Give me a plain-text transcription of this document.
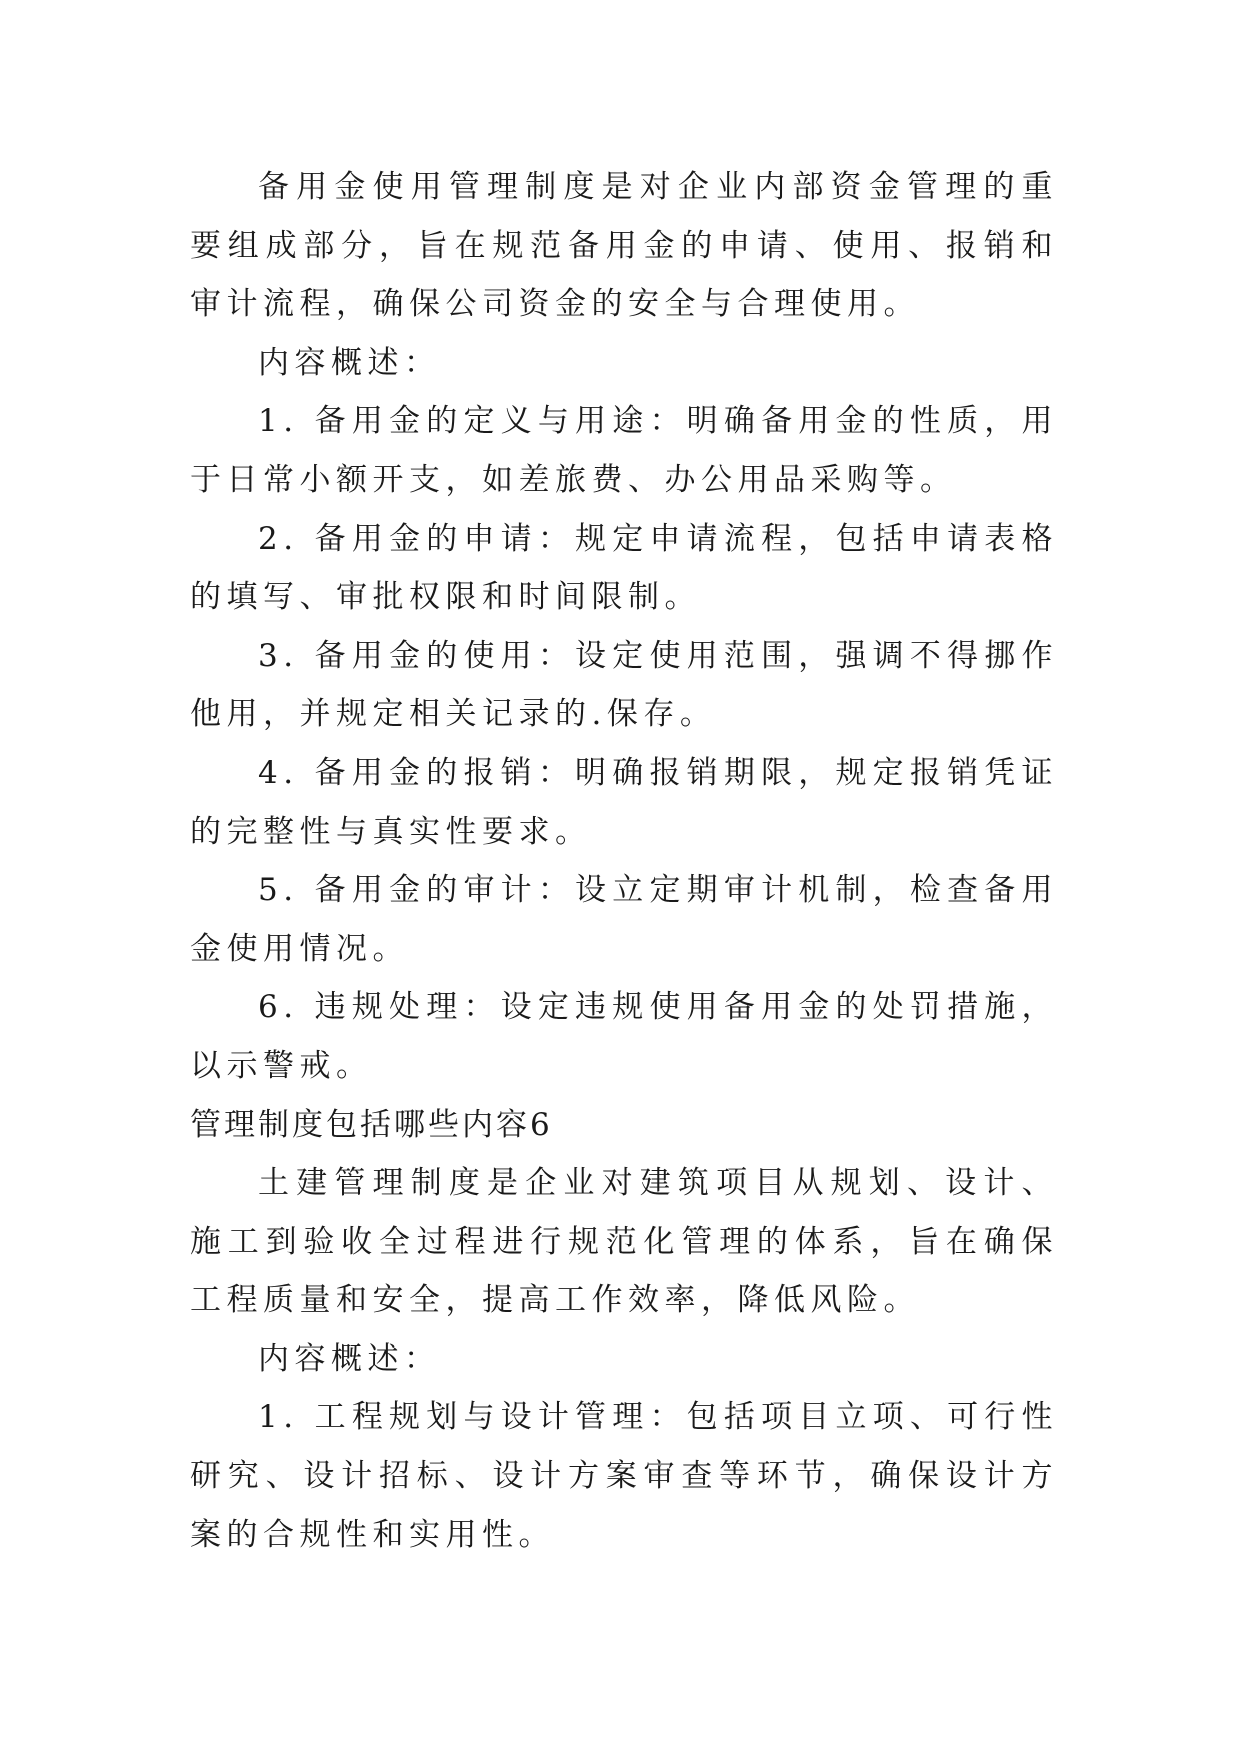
备用金使用管理制度是对企业内部资金管理的重要组成部分，旨在规范备用金的申请、使用、报销和审计流程，确保公司资金的安全与合理使用。

内容概述：

1. 备用金的定义与用途：明确备用金的性质，用于日常小额开支，如差旅费、办公用品采购等。

2. 备用金的申请：规定申请流程，包括申请表格的填写、审批权限和时间限制。

3. 备用金的使用：设定使用范围，强调不得挪作他用，并规定相关记录的.保存。

4. 备用金的报销：明确报销期限，规定报销凭证的完整性与真实性要求。

5. 备用金的审计：设立定期审计机制，检查备用金使用情况。

6. 违规处理：设定违规使用备用金的处罚措施，以示警戒。

管理制度包括哪些内容6

土建管理制度是企业对建筑项目从规划、设计、施工到验收全过程进行规范化管理的体系，旨在确保工程质量和安全，提高工作效率，降低风险。

内容概述：

1. 工程规划与设计管理：包括项目立项、可行性研究、设计招标、设计方案审查等环节，确保设计方案的合规性和实用性。
